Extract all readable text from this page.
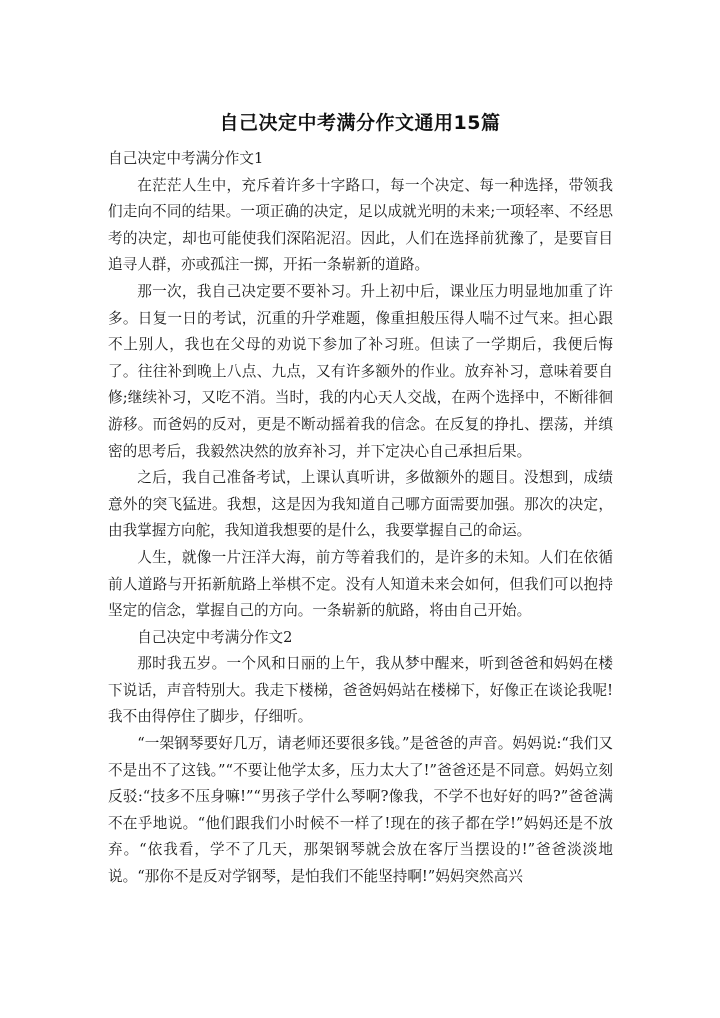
自己决定中考满分作文通用15篇

自己决定中考满分作文1

在茫茫人生中，充斥着许多十字路口，每一个决定、每一种选择，带领我们走向不同的结果。一项正确的决定，足以成就光明的未来;一项轻率、不经思考的决定，却也可能使我们深陷泥沼。因此，人们在选择前犹豫了，是要盲目追寻人群，亦或孤注一掷，开拓一条崭新的道路。

那一次，我自己决定要不要补习。升上初中后，课业压力明显地加重了许多。日复一日的考试，沉重的升学难题，像重担般压得人喘不过气来。担心跟不上别人，我也在父母的劝说下参加了补习班。但读了一学期后，我便后悔了。往往补到晚上八点、九点，又有许多额外的作业。放弃补习，意味着要自修;继续补习，又吃不消。当时，我的内心天人交战，在两个选择中，不断徘徊游移。而爸妈的反对，更是不断动摇着我的信念。在反复的挣扎、摆荡，并缜密的思考后，我毅然决然的放弃补习，并下定决心自己承担后果。

之后，我自己准备考试，上课认真听讲，多做额外的题目。没想到，成绩意外的突飞猛进。我想，这是因为我知道自己哪方面需要加强。那次的决定，由我掌握方向舵，我知道我想要的是什么，我要掌握自己的命运。

人生，就像一片汪洋大海，前方等着我们的，是许多的未知。人们在依循前人道路与开拓新航路上举棋不定。没有人知道未来会如何，但我们可以抱持坚定的信念，掌握自己的方向。一条崭新的航路，将由自己开始。

自己决定中考满分作文2

那时我五岁。一个风和日丽的上午，我从梦中醒来，听到爸爸和妈妈在楼下说话，声音特别大。我走下楼梯，爸爸妈妈站在楼梯下，好像正在谈论我呢!我不由得停住了脚步，仔细听。

“一架钢琴要好几万，请老师还要很多钱。”是爸爸的声音。妈妈说:“我们又不是出不了这钱。”“不要让他学太多，压力太大了!”爸爸还是不同意。妈妈立刻反驳:“技多不压身嘛!”“男孩子学什么琴啊?像我，不学不也好好的吗?”爸爸满不在乎地说。“他们跟我们小时候不一样了!现在的孩子都在学!”妈妈还是不放弃。“依我看，学不了几天，那架钢琴就会放在客厅当摆设的!”爸爸淡淡地说。“那你不是反对学钢琴，是怕我们不能坚持啊!”妈妈突然高兴
